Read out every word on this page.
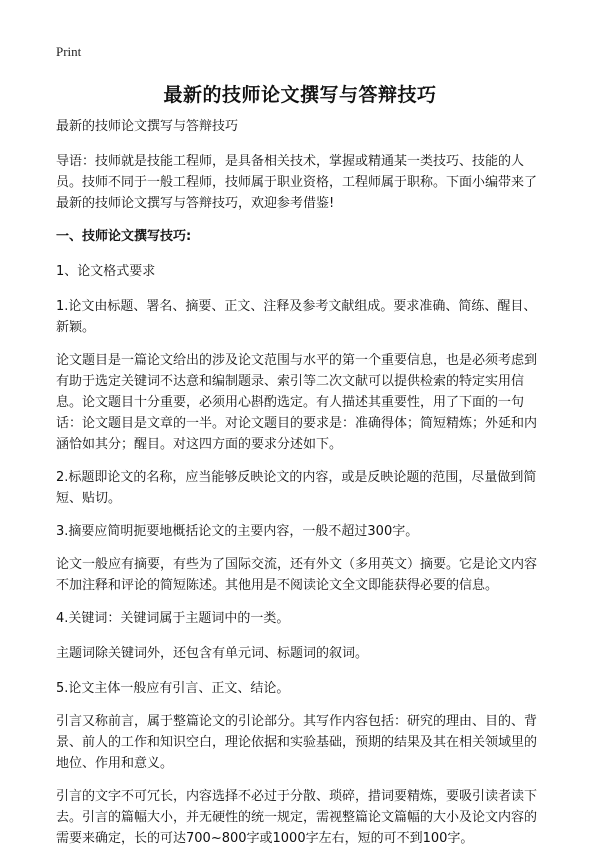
Print
最新的技师论文撰写与答辩技巧

最新的技师论文撰写与答辩技巧

导语：技师就是技能工程师，是具备相关技术，掌握或精通某一类技巧、技能的人员。技师不同于一般工程师，技师属于职业资格，工程师属于职称。下面小编带来了最新的技师论文撰写与答辩技巧，欢迎参考借鉴!

一、技师论文撰写技巧:

1、论文格式要求

1.论文由标题、署名、摘要、正文、注释及参考文献组成。要求准确、简练、醒目、新颖。

论文题目是一篇论文给出的涉及论文范围与水平的第一个重要信息，也是必须考虑到有助于选定关键词不达意和编制题录、索引等二次文献可以提供检索的特定实用信息。论文题目十分重要，必须用心斟酌选定。有人描述其重要性，用了下面的一句话：论文题目是文章的一半。对论文题目的要求是：准确得体；简短精炼；外延和内涵恰如其分；醒目。对这四方面的要求分述如下。

2.标题即论文的名称，应当能够反映论文的内容，或是反映论题的范围，尽量做到简短、贴切。

3.摘要应简明扼要地概括论文的主要内容，一般不超过300字。

论文一般应有摘要，有些为了国际交流，还有外文（多用英文）摘要。它是论文内容不加注释和评论的简短陈述。其他用是不阅读论文全文即能获得必要的信息。

4.关键词：关键词属于主题词中的一类。

主题词除关键词外，还包含有单元词、标题词的叙词。

5.论文主体一般应有引言、正文、结论。

引言又称前言，属于整篇论文的引论部分。其写作内容包括：研究的理由、目的、背景、前人的工作和知识空白，理论依据和实验基础，预期的结果及其在相关领域里的地位、作用和意义。

引言的文字不可冗长，内容选择不必过于分散、琐碎，措词要精炼，要吸引读者读下去。引言的篇幅大小，并无硬性的统一规定，需视整篇论文篇幅的大小及论文内容的需要来确定，长的可达700~800字或1000字左右，短的可不到100字。
